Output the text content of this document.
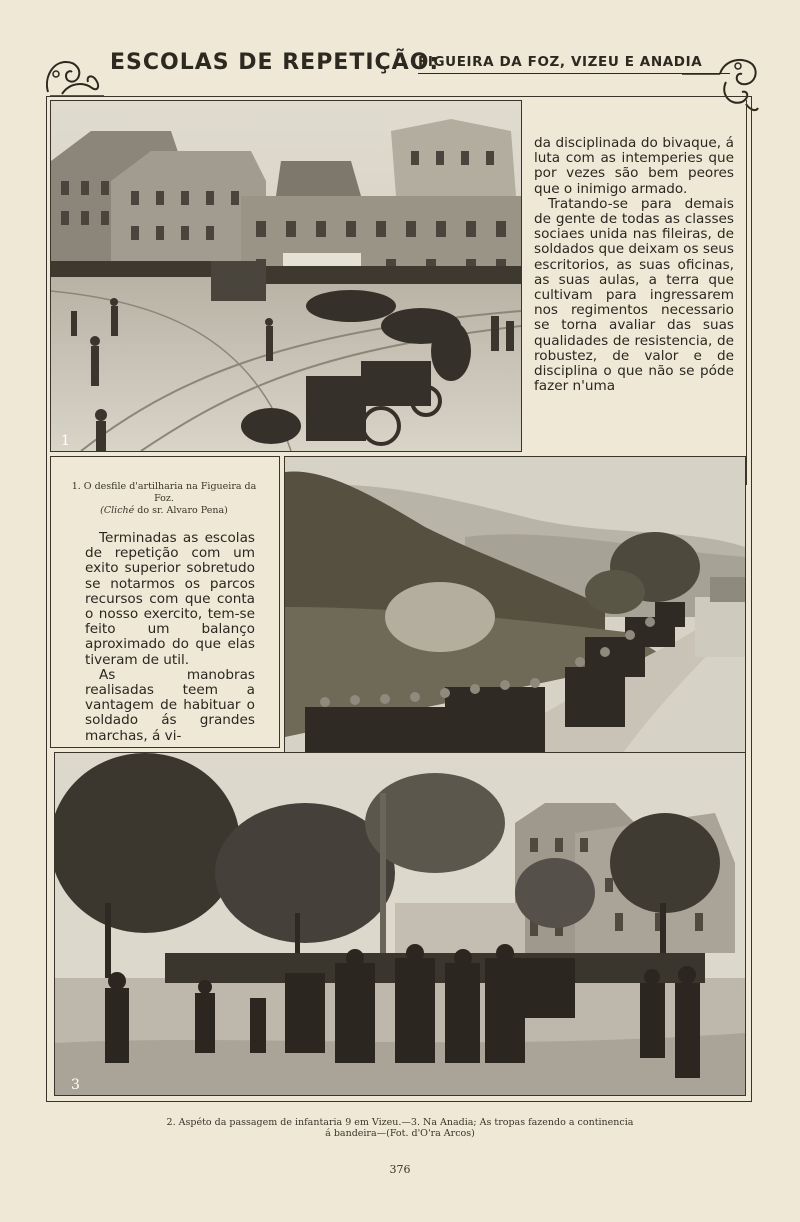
ESCOLAS DE REPETIÇÃO:
FIGUEIRA DA FOZ, VIZEU E ANADIA
1

da disciplinada do bivaque, á luta com as intemperies que por vezes são bem peores que o inimigo armado.

Tratando-se para demais de gente de todas as classes sociaes unida nas fileiras, de soldados que deixam os seus escritorios, as suas oficinas, as suas aulas, a terra que cultivam para ingressarem nos regimentos necessario se torna avaliar das suas qualidades de resistencia, de robustez, de valor e de disciplina o que não se póde fazer n'uma

1. O desfile d'artilharia na Figueira da Foz.
(Cliché do sr. Alvaro Pena)

Terminadas as escolas de repetição com um exito superior sobretudo se notarmos os parcos recursos com que conta o nosso exercito, tem-se feito um balanço aproximado do que elas tiveram de util.

As manobras realisadas teem a vantagem de habituar o soldado ás grandes marchas, á vi-

3
2. Aspéto da passagem de infantaria 9 em Vizeu.—3. Na Anadia; As tropas fazendo a continencia
á bandeira—(Fot. d'O'ra Arcos)
376
